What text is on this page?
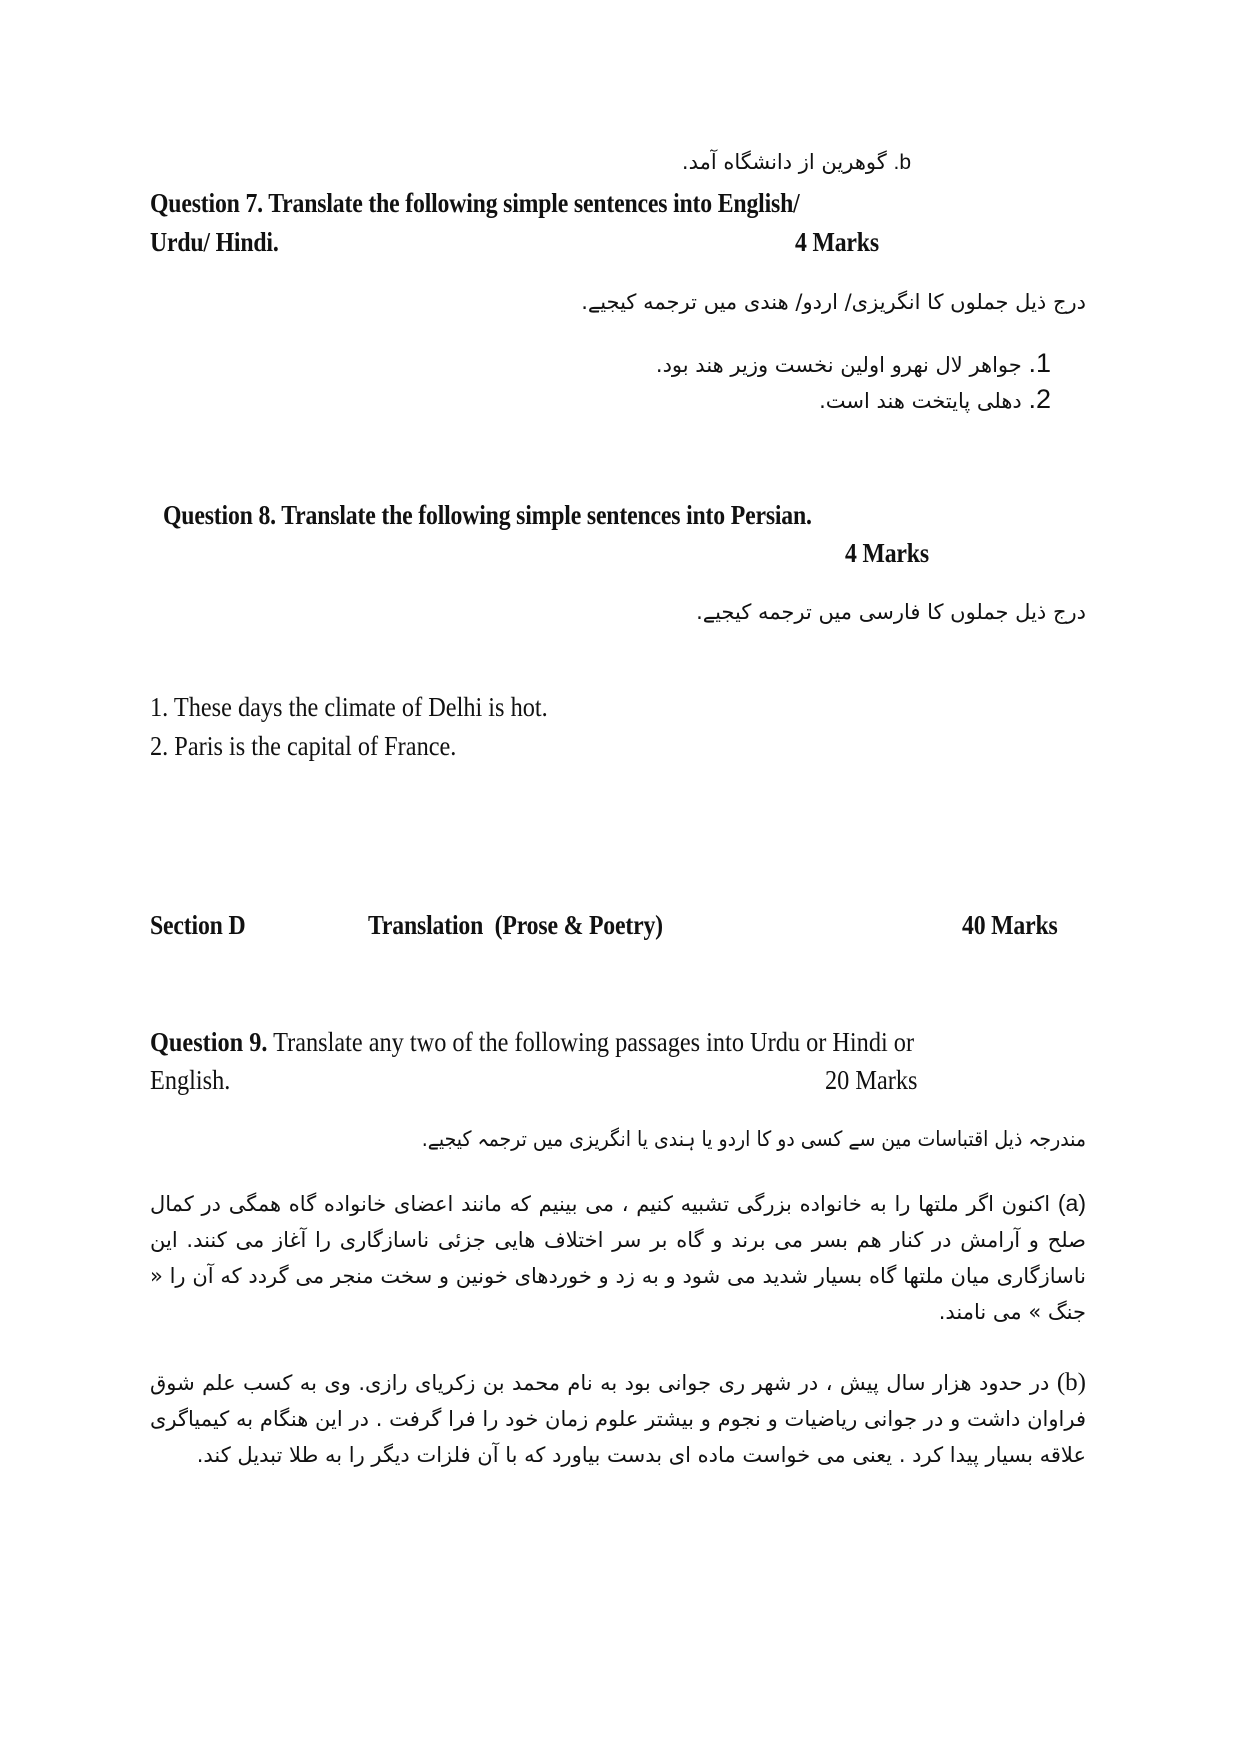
b. گوهرین از دانشگاه آمد.
Question 7. Translate the following simple sentences into English/
Urdu/ Hindi.	4 Marks
درج ذیل جملوں کا انگریزی/ اردو/ هندی میں ترجمه کیجیے.
1. جواهر لال نهرو اولین نخست وزیر هند بود.
2. دهلی پایتخت هند است.
Question 8. Translate the following simple sentences into Persian.
4 Marks
درج ذیل جملوں کا فارسی میں ترجمه کیجیے.
1. These days the climate of Delhi is hot.
2. Paris is the capital of France.
Section D	Translation  (Prose & Poetry)	40 Marks
Question 9. Translate any two of the following passages into Urdu or Hindi or
English.	20 Marks
مندرجہ ذیل اقتباسات مین سے کسی دو کا اردو یا ہندی یا انگریزی میں ترجمہ کیجیے.

(a) اکنون اگر ملتها را به خانواده بزرگی تشبیه کنیم ، می بینیم که مانند اعضای خانواده گاه همگی در کمال صلح و آرامش در کنار هم بسر می برند و گاه بر سر اختلاف هایی جزئی ناسازگاری را آغاز می کنند. این ناسازگاری میان ملتها گاه بسیار شدید می شود و به زد و خوردهای خونین و سخت منجر می گردد که آن را « جنگ » می نامند.

(b) در حدود هزار سال پیش ، در شهر ری جوانی بود به نام محمد بن زکریای رازی. وی به کسب علم شوق فراوان داشت و در جوانی ریاضیات و نجوم و بیشتر علوم زمان خود را فرا گرفت . در این هنگام به کیمیاگری علاقه بسیار پیدا کرد . یعنی می خواست ماده ای بدست بیاورد که با آن فلزات دیگر را به طلا تبدیل کند.
